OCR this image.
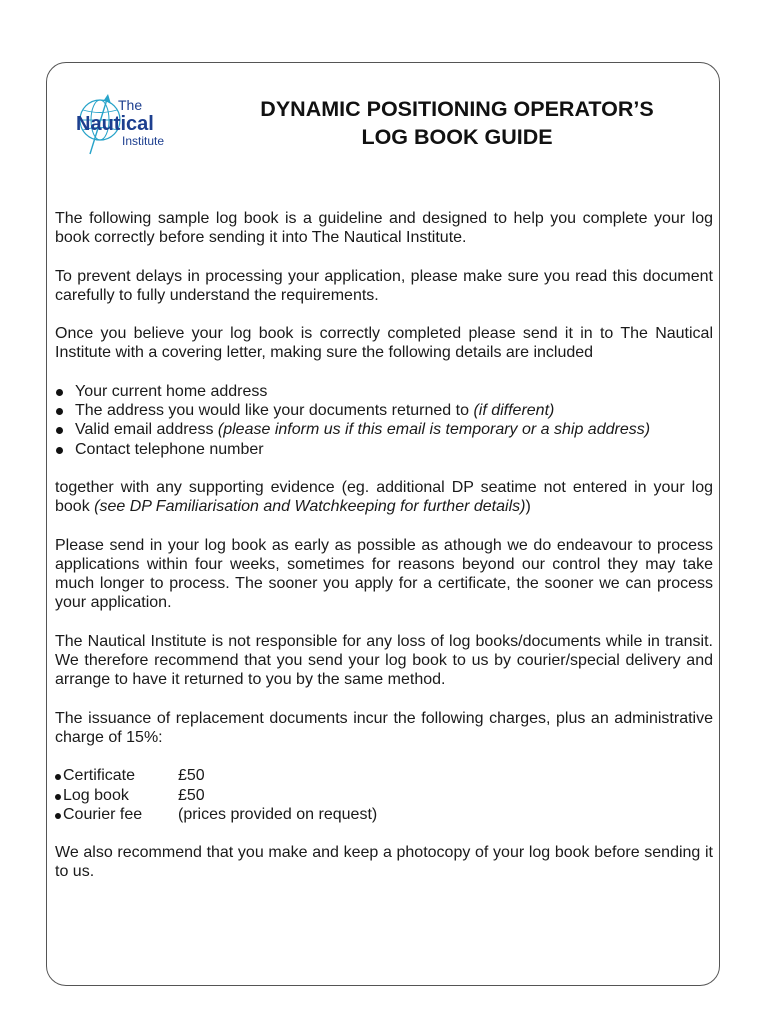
The
Nautical
Institute
DYNAMIC POSITIONING OPERATOR’S
LOG BOOK GUIDE

The following sample log book is a guideline and designed to help you complete your log book correctly before sending it into The Nautical Institute.

To prevent delays in processing your application, please make sure you read this document carefully to fully understand the requirements.

Once you believe your log book is correctly completed please send it in to The Nautical Institute with a covering letter, making sure the following details are included

Your current home address
The address you would like your documents returned to (if different)
Valid email address (please inform us if this email is temporary or a ship address)
Contact telephone number

together with any supporting evidence (eg. additional DP seatime not entered in your log book (see DP Familiarisation and Watchkeeping for further details))

Please send in your log book as early as possible as athough we do endeavour to process applications within four weeks, sometimes for reasons beyond our control they may take much longer to process. The sooner you apply for a certificate, the sooner we can process your application.

The Nautical Institute is not responsible for any loss of log books/documents while in transit. We therefore recommend that you send your log book to us by courier/special delivery and arrange to have it returned to you by the same method.

The issuance of replacement documents incur the following charges, plus an administrative charge of 15%:

Certificate	£50
Log book	£50
Courier fee (prices provided on request)

We also recommend that you make and keep a photocopy of your log book before sending it to us.
